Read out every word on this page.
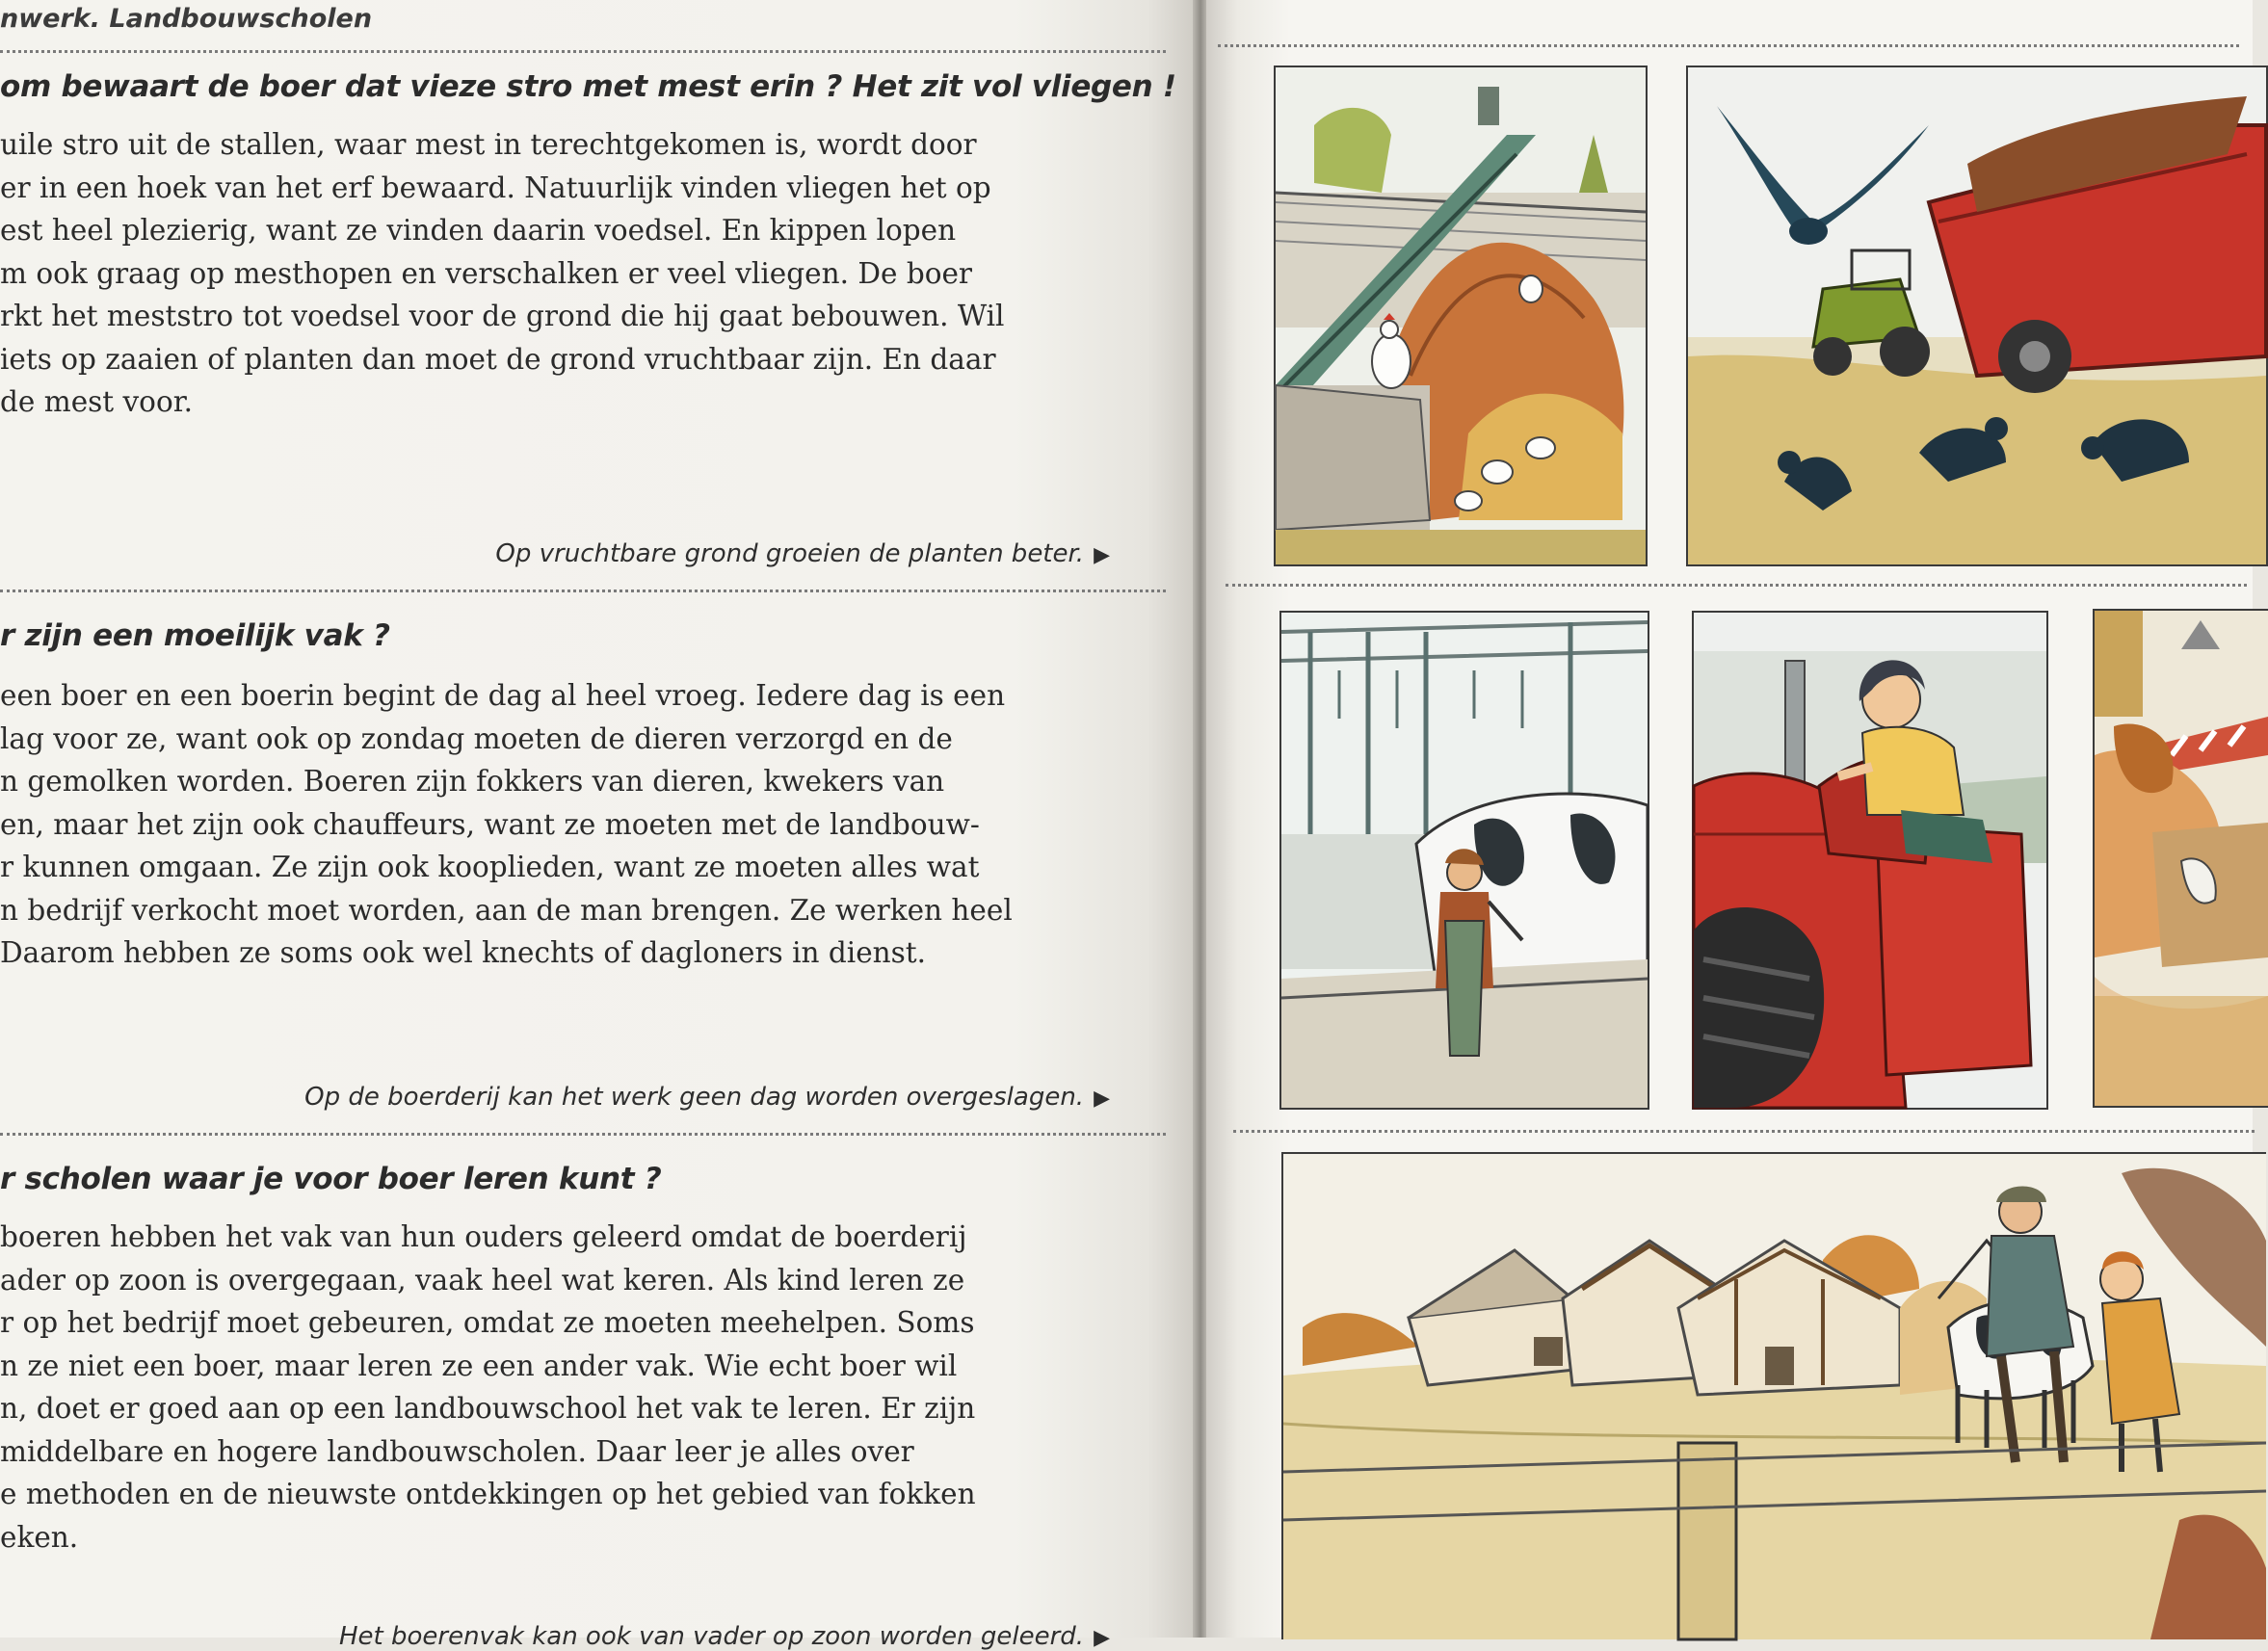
nwerk. Landbouwscholen
om bewaart de boer dat vieze stro met mest erin ? Het zit vol vliegen !
uile stro uit de stallen, waar mest in terechtgekomen is, wordt door
er in een hoek van het erf bewaard. Natuurlijk vinden vliegen het op
est heel plezierig, want ze vinden daarin voedsel. En kippen lopen
m ook graag op mesthopen en verschalken er veel vliegen. De boer
rkt het meststro tot voedsel voor de grond die hij gaat bebouwen. Wil
iets op zaaien of planten dan moet de grond vruchtbaar zijn. En daar
de mest voor.
Op vruchtbare grond groeien de planten beter. ▶
r zijn een moeilijk vak ?
een boer en een boerin begint de dag al heel vroeg. Iedere dag is een
lag voor ze, want ook op zondag moeten de dieren verzorgd en de
n gemolken worden. Boeren zijn fokkers van dieren, kwekers van
en, maar het zijn ook chauffeurs, want ze moeten met de landbouw-
r kunnen omgaan. Ze zijn ook kooplieden, want ze moeten alles wat
n bedrijf verkocht moet worden, aan de man brengen. Ze werken heel
Daarom hebben ze soms ook wel knechts of dagloners in dienst.
Op de boerderij kan het werk geen dag worden overgeslagen. ▶
r scholen waar je voor boer leren kunt ?
boeren hebben het vak van hun ouders geleerd omdat de boerderij
ader op zoon is overgegaan, vaak heel wat keren. Als kind leren ze
r op het bedrijf moet gebeuren, omdat ze moeten meehelpen. Soms
n ze niet een boer, maar leren ze een ander vak. Wie echt boer wil
n, doet er goed aan op een landbouwschool het vak te leren. Er zijn
middelbare en hogere landbouwscholen. Daar leer je alles over
e methoden en de nieuwste ontdekkingen op het gebied van fokken
eken.
Het boerenvak kan ook van vader op zoon worden geleerd. ▶
